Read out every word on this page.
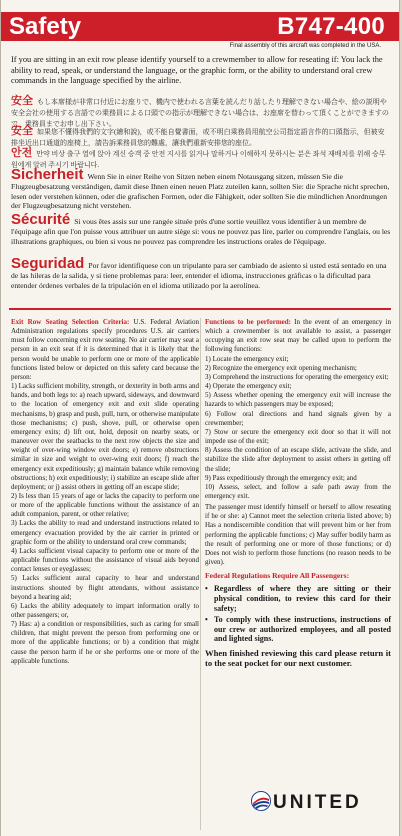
Safety	B747-400
Final assembly of this aircraft was completed in the USA.
If you are sitting in an exit row please identify yourself to a crewmember to allow for reseating if: You lack the ability to read, speak, or understand the language, or the graphic form, or the ability to understand oral crew commands in the language specified by the airline.
安全 もし本席様が非常口付近にお座りで、機内で使われる言葉を読んだり話したり理解できない場合や、絵の説明や安全会社の使用する言語での乗務員による口頭での指示が理解できない場合は、お座席を替わって頂くことができますので、乗務員までお申し出下さい。
安全 如果您不懂得我們的文字(繪和說)，或不能自覺書面，或不明白乘務員用航空公司指定語言作的口頭指示，但被安排坐近出口通道的座椅上，請告訴乘務員您的難處，讓我們重新安排您的座位。
안전 만약 비상 출구 열에 앉아 계신 승객 중 안전 지시를 읽거나 말하거나 이해하지 못하시는 분은 좌석 재배치를 위해 승무원에게 알려 주시기 바랍니다.
Sicherheit Wenn Sie in einer Reihe von Sitzen neben einem Notausgang sitzen, müssen Sie die Flugzeugbesatzung verständigen, damit diese Ihnen einen neuen Platz zuteilen kann, sollten Sie: die Sprache nicht sprechen, lesen oder verstehen können, oder die grafischen Formen, oder die Fähigkeit, oder sollten Sie die mündlichen Anordnungen der Flugzeugbesatzung nicht verstehen.
Sécurité Si vous êtes assis sur une rangée située près d'une sortie veuillez vous identifier à un membre de l'équipage afin que l'on puisse vous attribuer un autre siège si: vous ne pouvez pas lire, parler ou comprendre l'anglais, ou les illustrations graphiques, ou bien si vous ne pouvez pas comprendre les instructions orales de l'équipage.
Seguridad Por favor identifíquese con un tripulante para ser cambiado de asiento si usted está sentado en una de las hileras de la salida, y si tiene problemas para: leer, entender el idioma, instrucciones gráficas o la dificultad para entender órdenes verbales de la tripulación en el idioma utilizado por la aerolínea.

Exit Row Seating Selection Criteria: U.S. Federal Aviation Administration regulations specify procedures U.S. air carriers must follow concerning exit row seating. No air carrier may seat a person in an exit seat if it is determined that it is likely that the person would be unable to perform one or more of the applicable functions listed below or depicted on this safety card because the person:

1) Lacks sufficient mobility, strength, or dexterity in both arms and hands, and both legs to: a) reach upward, sideways, and downward to the location of emergency exit and exit slide operating mechanisms, b) grasp and push, pull, turn, or otherwise manipulate those mechanisms; c) push, shove, pull, or otherwise open emergency exits; d) lift out, hold, deposit on nearby seats, or maneuver over the seatbacks to the next row objects the size and weight of over-wing window exit doors; e) remove obstructions similar in size and weight to over-wing exit doors; f) reach the emergency exit expeditiously; g) maintain balance while removing obstructions; h) exit expeditiously; i) stabilize an escape slide after deployment; or j) assist others in getting off an escape slide;

2) Is less than 15 years of age or lacks the capacity to perform one or more of the applicable functions without the assistance of an adult companion, parent, or other relative;

3) Lacks the ability to read and understand instructions related to emergency evacuation provided by the air carrier in printed or graphic form or the ability to understand oral crew commands;

4) Lacks sufficient visual capacity to perform one or more of the applicable functions without the assistance of visual aids beyond contact lenses or eyeglasses;

5) Lacks sufficient aural capacity to hear and understand instructions shouted by flight attendants, without assistance beyond a hearing aid;

6) Lacks the ability adequately to impart information orally to other passengers; or,

7) Has: a) a condition or responsibilities, such as caring for small children, that might prevent the person from performing one or more of the applicable functions; or b) a condition that might cause the person harm if he or she performs one or more of the applicable functions.

Functions to be performed: In the event of an emergency in which a crewmember is not available to assist, a passenger occupying an exit row seat may be called upon to perform the following functions:

1) Locate the emergency exit;

2) Recognize the emergency exit opening mechanism;

3) Comprehend the instructions for operating the emergency exit;

4) Operate the emergency exit;

5) Assess whether opening the emergency exit will increase the hazards to which passengers may be exposed;

6) Follow oral directions and hand signals given by a crewmember;

7) Stow or secure the emergency exit door so that it will not impede use of the exit;

8) Assess the condition of an escape slide, activate the slide, and stabilize the slide after deployment to assist others in getting off the slide;

9) Pass expeditiously through the emergency exit; and

10) Assess, select, and follow a safe path away from the emergency exit.

The passenger must identify himself or herself to allow reseating if he or she: a) Cannot meet the selection criteria listed above; b) Has a nondiscernible condition that will prevent him or her from performing the applicable functions; c) May suffer bodily harm as the result of performing one or more of those functions; or d) Does not wish to perform those functions (no reason needs to be given).

Federal Regulations Require All Passengers:

• Regardless of where they are sitting or their physical condition, to review this card for their safety;
• To comply with these instructions, instructions of our crew or authorized employees, and all posted and lighted signs.

When finished reviewing this card please return it to the seat pocket for our next customer.

UNITED
